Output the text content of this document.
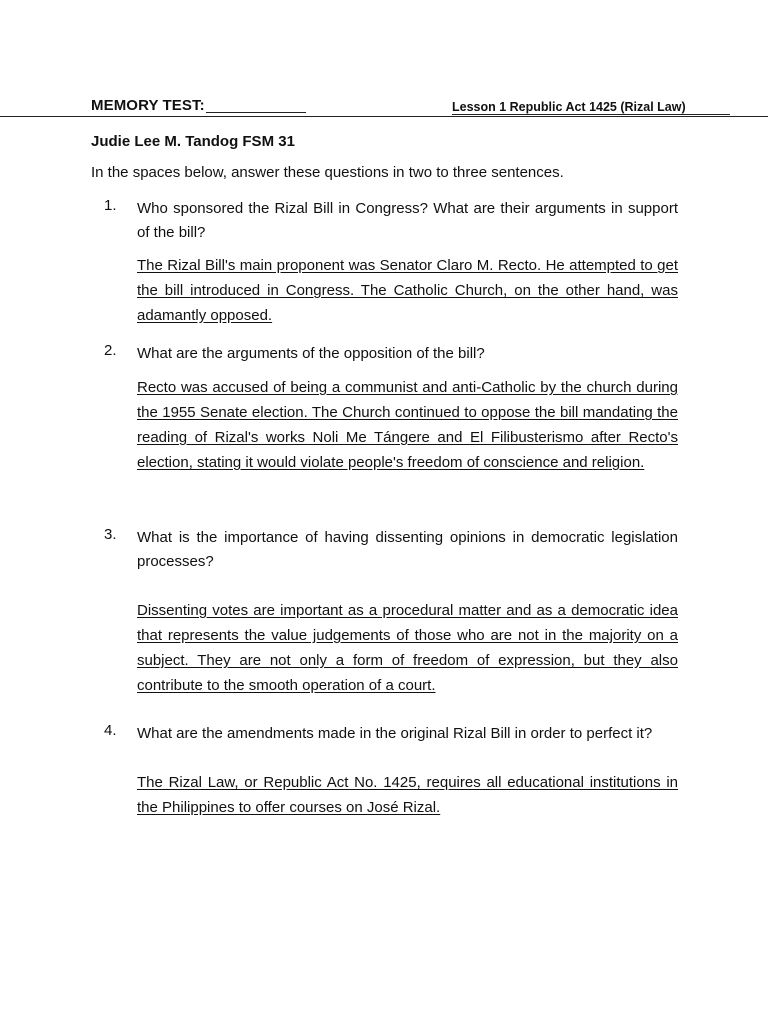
MEMORY TEST:	Lesson 1 Republic Act 1425 (Rizal Law)
Judie Lee M. Tandog FSM 31
In the spaces below, answer these questions in two to three sentences.
1. Who sponsored the Rizal Bill in Congress? What are their arguments in support of the bill?
The Rizal Bill's main proponent was Senator Claro M. Recto. He attempted to get the bill introduced in Congress. The Catholic Church, on the other hand, was adamantly opposed.
2. What are the arguments of the opposition of the bill?
Recto was accused of being a communist and anti-Catholic by the church during the 1955 Senate election. The Church continued to oppose the bill mandating the reading of Rizal's works Noli Me Tángere and El Filibusterismo after Recto's election, stating it would violate people's freedom of conscience and religion.
3. What is the importance of having dissenting opinions in democratic legislation processes?
Dissenting votes are important as a procedural matter and as a democratic idea that represents the value judgements of those who are not in the majority on a subject. They are not only a form of freedom of expression, but they also contribute to the smooth operation of a court.
4. What are the amendments made in the original Rizal Bill in order to perfect it?
The Rizal Law, or Republic Act No. 1425, requires all educational institutions in the Philippines to offer courses on José Rizal.
